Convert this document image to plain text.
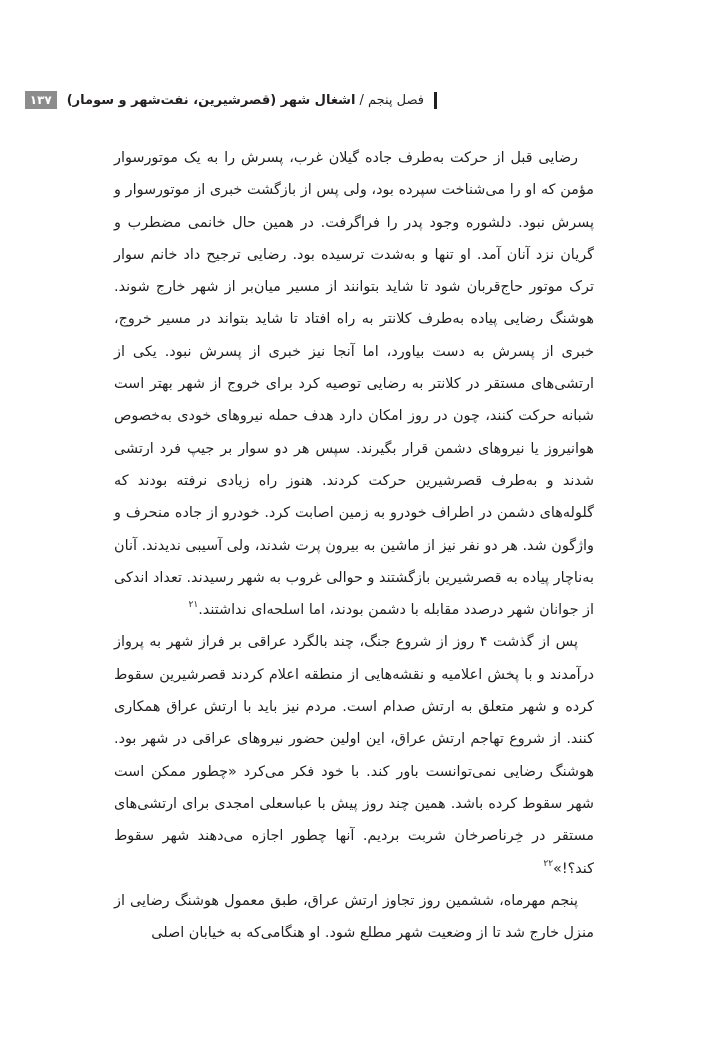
فصل پنجم /
اشغال شهر (قصرشیرین، نفت‌شهر و سومار)
۱۳۷

رضایی قبل از حرکت به‌طرف جاده گیلان غرب، پسرش را به یک موتورسوار مؤمن که او را می‌شناخت سپرده بود، ولی پس از بازگشت خبری از موتورسوار و پسرش نبود. دلشوره وجود پدر را فراگرفت. در همین حال خانمی مضطرب و گریان نزد آنان آمد. او تنها و به‌شدت ترسیده بود. رضایی ترجیح داد خانم سوار ترک موتور حاج‌قربان شود تا شاید بتوانند از مسیر میان‌بر از شهر خارج شوند. هوشنگ رضایی پیاده به‌طرف کلانتر به راه افتاد تا شاید بتواند در مسیر خروج، خبری از پسرش به دست بیاورد، اما آنجا نیز خبری از پسرش نبود. یکی از ارتشی‌های مستقر در کلانتر به رضایی توصیه کرد برای خروج از شهر بهتر است شبانه حرکت کنند، چون در روز امکان دارد هدف حمله نیروهای خودی به‌خصوص هوانیروز یا نیروهای دشمن قرار بگیرند. سپس هر دو سوار بر جیپ فرد ارتشی شدند و به‌طرف قصرشیرین حرکت کردند. هنوز راه زیادی نرفته بودند که گلوله‌های دشمن در اطراف خودرو به زمین اصابت کرد. خودرو از جاده منحرف و واژگون شد. هر دو نفر نیز از ماشین به بیرون پرت شدند، ولی آسیبی ندیدند. آنان به‌ناچار پیاده به قصرشیرین بازگشتند و حوالی غروب به شهر رسیدند. تعداد اندکی از جوانان شهر درصدد مقابله با دشمن بودند، اما اسلحه‌ای نداشتند.$^{۲۱}$

پس از گذشت ۴ روز از شروع جنگ، چند بالگرد عراقی بر فراز شهر به پرواز درآمدند و با پخش اعلامیه و نقشه‌هایی از منطقه اعلام کردند قصرشیرین سقوط کرده و شهر متعلق به ارتش صدام است. مردم نیز باید با ارتش عراق همکاری کنند. از شروع تهاجم ارتش عراق، این اولین حضور نیروهای عراقی در شهر بود. هوشنگ رضایی نمی‌توانست باور کند. با خود فکر می‌کرد «چطور ممکن است شهر سقوط کرده باشد. همین چند روز پیش با عباسعلی امجدی برای ارتشی‌های مستقر در خِرناصرخان شربت بردیم. آنها چطور اجازه می‌دهند شهر سقوط کند؟!»$^{۲۲}$

پنجم مهرماه، ششمین روز تجاوز ارتش عراق، طبق معمول هوشنگ رضایی از منزل خارج شد تا از وضعیت شهر مطلع شود. او هنگامی‌که به خیابان اصلی
